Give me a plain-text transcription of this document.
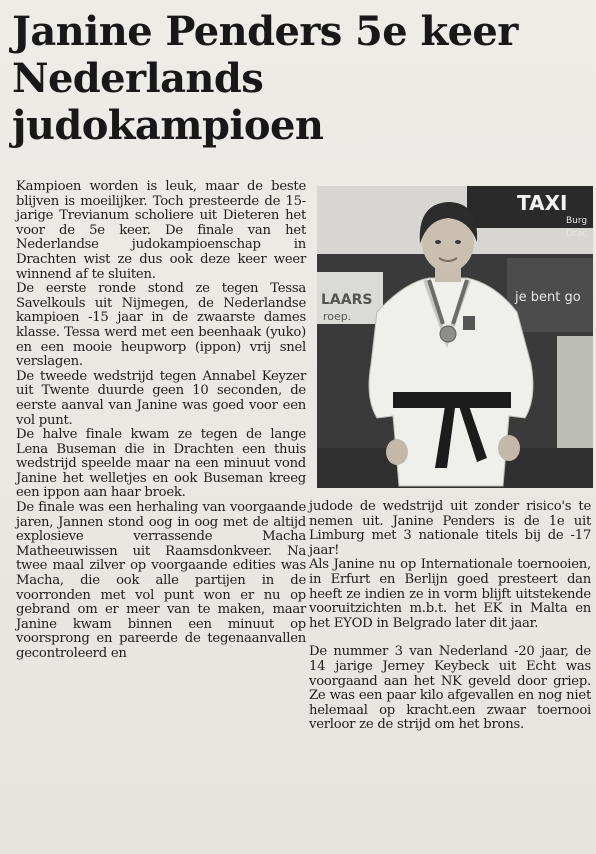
Janine Penders 5e keer
Nederlands
judokampioen

Kampioen worden is leuk, maar de beste blijven is moeilijker. Toch presteerde de 15-jarige Trevianum scholiere uit Dieteren het voor de 5e keer. De finale van het Nederlandse judokampioenschap in Drachten wist ze dus ook deze keer weer winnend af te sluiten.

De eerste ronde stond ze tegen Tessa Savelkouls uit Nijmegen, de Nederlandse kampioen -15 jaar in de zwaarste dames klasse. Tessa werd met een beenhaak (yuko) en een mooie heupworp (ippon) vrij snel verslagen.

De tweede wedstrijd tegen Annabel Keyzer uit Twente duurde geen 10 seconden, de eerste aanval van Janine was goed voor een vol punt.

De halve finale kwam ze tegen de lange Lena Buseman die in Drachten een thuis wedstrijd speelde maar na een minuut vond Janine het welletjes en ook Buseman kreeg een ippon aan haar broek.

De finale was een herhaling van voorgaande jaren, Jannen stond oog in oog met de altijd explosieve verrassende Macha Matheeuwissen uit Raamsdonkveer. Na twee maal zilver op voorgaande edities was Macha, die ook alle partijen in de voorronden met vol punt won er nu op gebrand om er meer van te maken, maar Janine kwam binnen een minuut op voorsprong en pareerde de tegenaanvallen gecontroleerd en

TAXI
Burg
Drac
LAARS
roep.
je bent go

judode de wedstrijd uit zonder risico's te nemen uit. Janine Penders is de 1e uit Limburg met 3 nationale titels bij de -17 jaar!

Als Janine nu op Internationale toernooien, in Erfurt en Berlijn goed presteert dan heeft ze indien ze in vorm blijft uitstekende vooruitzichten m.b.t. het EK in Malta en het EYOD in Belgrado later dit jaar.

De nummer 3 van Nederland -20 jaar, de 14 jarige Jerney Keybeck uit Echt was voorgaand aan het NK geveld door griep. Ze was een paar kilo afgevallen en nog niet helemaal op kracht.een zwaar toernooi verloor ze de strijd om het brons.
